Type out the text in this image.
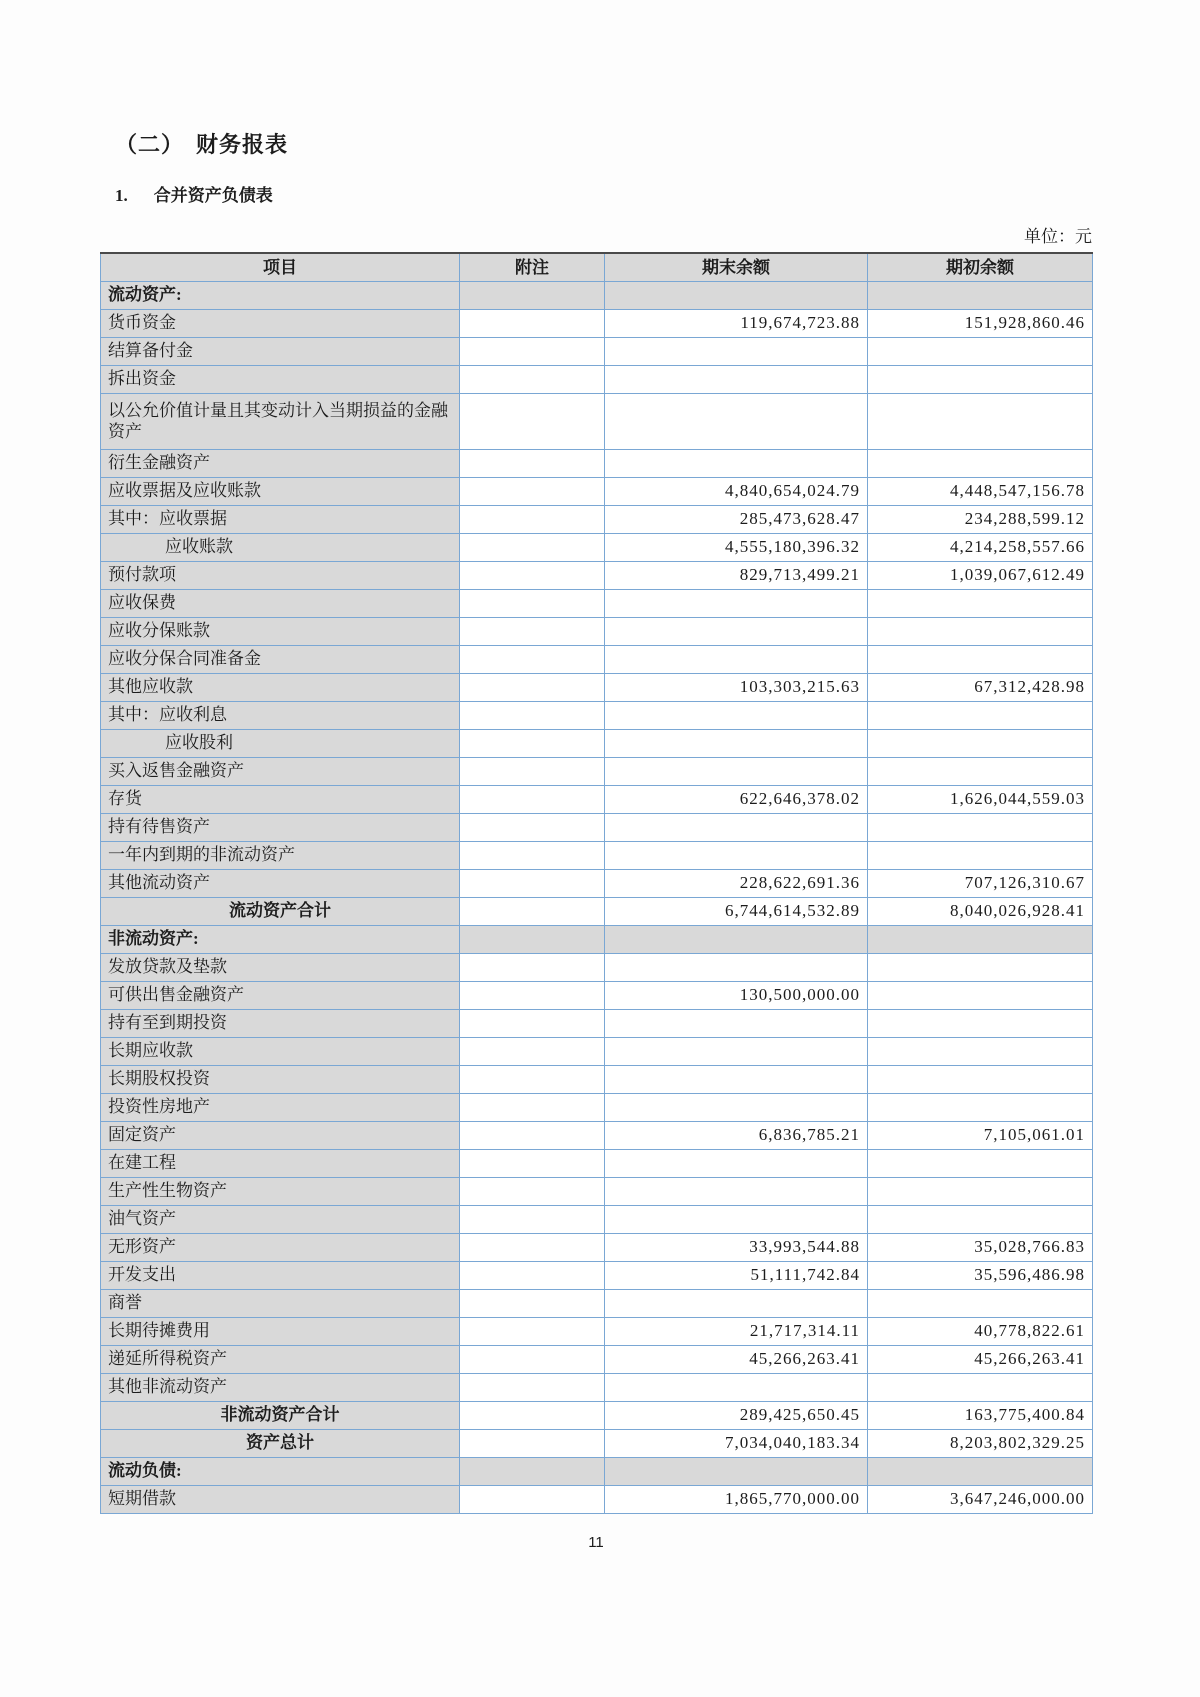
（二） 财务报表
1. 合并资产负债表
单位：元
项目	附注	期末余额	期初余额
流动资产:			
货币资金		119,674,723.88	151,928,860.46
结算备付金			
拆出资金			
以公允价值计量且其变动计入当期损益的金融资产			
衍生金融资产			
应收票据及应收账款		4,840,654,024.79	4,448,547,156.78
其中：应收票据		285,473,628.47	234,288,599.12
应收账款		4,555,180,396.32	4,214,258,557.66
预付款项		829,713,499.21	1,039,067,612.49
应收保费			
应收分保账款			
应收分保合同准备金			
其他应收款		103,303,215.63	67,312,428.98
其中：应收利息			
应收股利			
买入返售金融资产			
存货		622,646,378.02	1,626,044,559.03
持有待售资产			
一年内到期的非流动资产			
其他流动资产		228,622,691.36	707,126,310.67
流动资产合计		6,744,614,532.89	8,040,026,928.41
非流动资产:			
发放贷款及垫款			
可供出售金融资产		130,500,000.00	
持有至到期投资			
长期应收款			
长期股权投资			
投资性房地产			
固定资产		6,836,785.21	7,105,061.01
在建工程			
生产性生物资产			
油气资产			
无形资产		33,993,544.88	35,028,766.83
开发支出		51,111,742.84	35,596,486.98
商誉			
长期待摊费用		21,717,314.11	40,778,822.61
递延所得税资产		45,266,263.41	45,266,263.41
其他非流动资产			
非流动资产合计		289,425,650.45	163,775,400.84
资产总计		7,034,040,183.34	8,203,802,329.25
流动负债:			
短期借款		1,865,770,000.00	3,647,246,000.00
11
